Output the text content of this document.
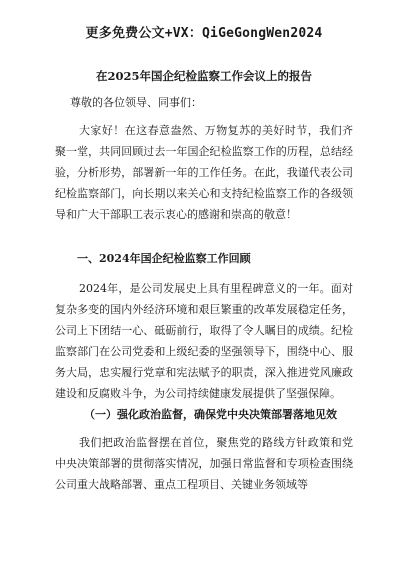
更多免费公文+VX：QiGeGongWen2024
在2025年国企纪检监察工作会议上的报告
尊敬的各位领导、同事们：

大家好！在这春意盎然、万物复苏的美好时节，我们齐聚一堂，共同回顾过去一年国企纪检监察工作的历程，总结经验，分析形势，部署新一年的工作任务。在此，我谨代表公司纪检监察部门，向长期以来关心和支持纪检监察工作的各级领导和广大干部职工表示衷心的感谢和崇高的敬意！

一、2024年国企纪检监察工作回顾

2024年，是公司发展史上具有里程碑意义的一年。面对复杂多变的国内外经济环境和艰巨繁重的改革发展稳定任务，公司上下团结一心、砥砺前行，取得了令人瞩目的成绩。纪检监察部门在公司党委和上级纪委的坚强领导下，围绕中心、服务大局，忠实履行党章和宪法赋予的职责，深入推进党风廉政建设和反腐败斗争，为公司持续健康发展提供了坚强保障。

（一）强化政治监督，确保党中央决策部署落地见效

我们把政治监督摆在首位，聚焦党的路线方针政策和党中央决策部署的贯彻落实情况，加强日常监督和专项检查围绕公司重大战略部署、重点工程项目、关键业务领域等
